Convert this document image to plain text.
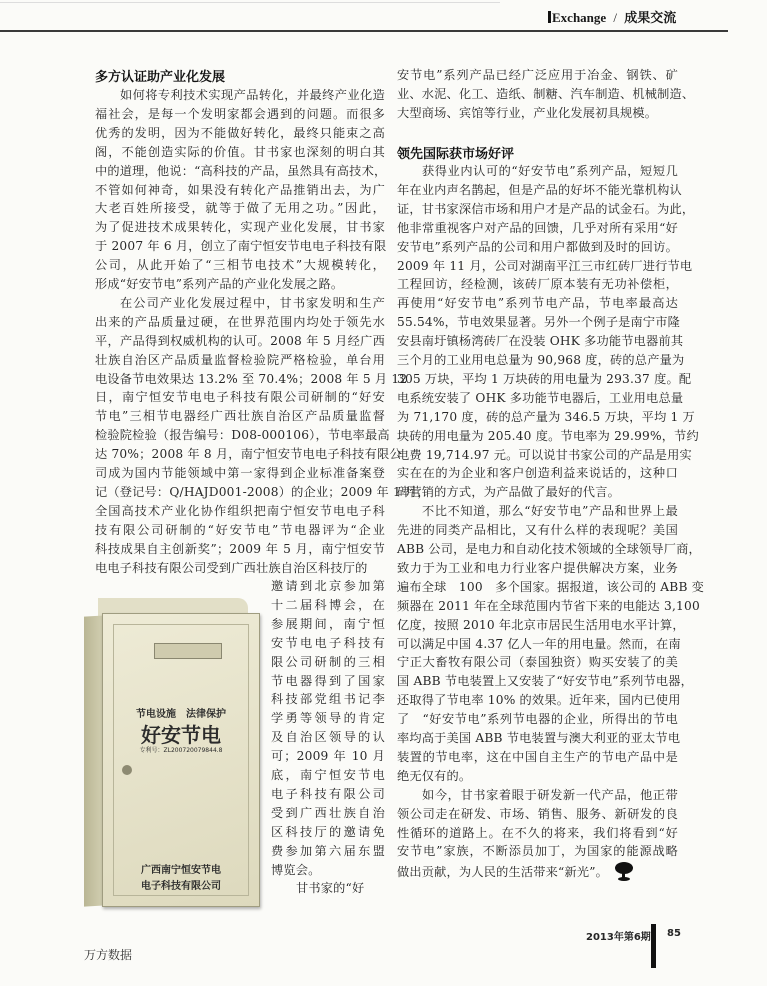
Exchange / 成果交流
多方认证助产业化发展
如何将专利技术实现产品转化，并最终产业化造
福社会，是每一个发明家都会遇到的问题。而很多
优秀的发明，因为不能做好转化，最终只能束之高
阁，不能创造实际的价值。甘书家也深刻的明白其
中的道理，他说：“高科技的产品，虽然具有高技术，
不管如何神奇，如果没有转化产品推销出去，为广
大老百姓所接受，就等于做了无用之功。”因此，
为了促进技术成果转化，实现产业化发展，甘书家
于 2007 年 6 月，创立了南宁恒安节电电子科技有限
公司，从此开始了“三相节电技术”大规模转化，
形成“好安节电”系列产品的产业化发展之路。
在公司产业化发展过程中，甘书家发明和生产
出来的产品质量过硬，在世界范围内均处于领先水
平，产品得到权威机构的认可。2008 年 5 月经广西
壮族自治区产品质量监督检验院严格检验，单台用
电设备节电效果达 13.2% 至 70.4%；2008 年 5 月 12
日，南宁恒安节电电子科技有限公司研制的“好安
节电”三相节电器经广西壮族自治区产品质量监督
检验院检验（报告编号：D08-000106），节电率最高
达 70%；2008 年 8 月，南宁恒安节电电子科技有限公
司成为国内节能领域中第一家得到企业标准备案登
记（登记号：Q/HAJD001-2008）的企业；2009 年 1 月，
全国高技术产业化协作组织把南宁恒安节电电子科
技有限公司研制的“好安节电”节电器评为“企业
科技成果自主创新奖”；2009 年 5 月，南宁恒安节
电电子科技有限公司受到广西壮族自治区科技厅的
邀请到北京参加第
十二届科博会，在
参展期间，南宁恒
安节电电子科技有
限公司研制的三相
节电器得到了国家
科技部党组书记李
学勇等领导的肯定
及自治区领导的认
可；2009 年 10 月
底，南宁恒安节电
电子科技有限公司
受到广西壮族自治
区科技厅的邀请免
费参加第六届东盟
博览会。
甘书家的“好
安节电”系列产品已经广泛应用于冶金、钢铁、矿
业、水泥、化工、造纸、制糖、汽车制造、机械制造、
大型商场、宾馆等行业，产业化发展初具规模。
领先国际获市场好评
获得业内认可的“好安节电”系列产品，短短几
年在业内声名鹊起，但是产品的好坏不能光靠机构认
证，甘书家深信市场和用户才是产品的试金石。为此，
他非常重视客户对产品的回馈，几乎对所有采用“好
安节电”系列产品的公司和用户都做到及时的回访。
2009 年 11 月，公司对湖南平江三市红砖厂进行节电
工程回访，经检测，该砖厂原本装有无功补偿柜，
再使用“好安节电”系列节电产品，节电率最高达
55.54%，节电效果显著。另外一个例子是南宁市隆
安县南圩镇杨湾砖厂在没装 OHK 多功能节电器前其
三个月的工业用电总量为 90,968 度，砖的总产量为
305 万块，平均 1 万块砖的用电量为 293.37 度。配
电系统安装了 OHK 多功能节电器后，工业用电总量
为 71,170 度，砖的总产量为 346.5 万块，平均 1 万
块砖的用电量为 205.40 度。节电率为 29.99%，节约
电费 19,714.97 元。可以说甘书家公司的产品是用实
实在在的为企业和客户创造利益来说话的，这种口
碑营销的方式，为产品做了最好的代言。
不比不知道，那么“好安节电”产品和世界上最
先进的同类产品相比，又有什么样的表现呢？美国
ABB 公司，是电力和自动化技术领域的全球领导厂商，
致力于为工业和电力行业客户提供解决方案，业务
遍布全球　100　多个国家。据报道，该公司的 ABB 变
频器在 2011 年在全球范围内节省下来的电能达 3,100
亿度，按照 2010 年北京市居民生活用电水平计算，
可以满足中国 4.37 亿人一年的用电量。然而，在南
宁正大畜牧有限公司（泰国独资）购买安装了的美
国 ABB 节电装置上又安装了“好安节电”系列节电器，
还取得了节电率 10% 的效果。近年来，国内已使用
了　“好安节电”系列节电器的企业，所得出的节电
率均高于美国 ABB 节电装置与澳大利亚的亚太节电
装置的节电率，这在中国自主生产的节电产品中是
绝无仅有的。
如今，甘书家着眼于研发新一代产品，他正带
领公司走在研发、市场、销售、服务、新研发的良
性循环的道路上。在不久的将来，我们将看到“好
安节电”家族，不断添员加丁，为国家的能源战略
做出贡献，为人民的生活带来“新光”。
节电设施　法律保护
好安节电
专利号：ZL200720079844.8
广西南宁恒安节电
电子科技有限公司
2013年第6期 85
万方数据
